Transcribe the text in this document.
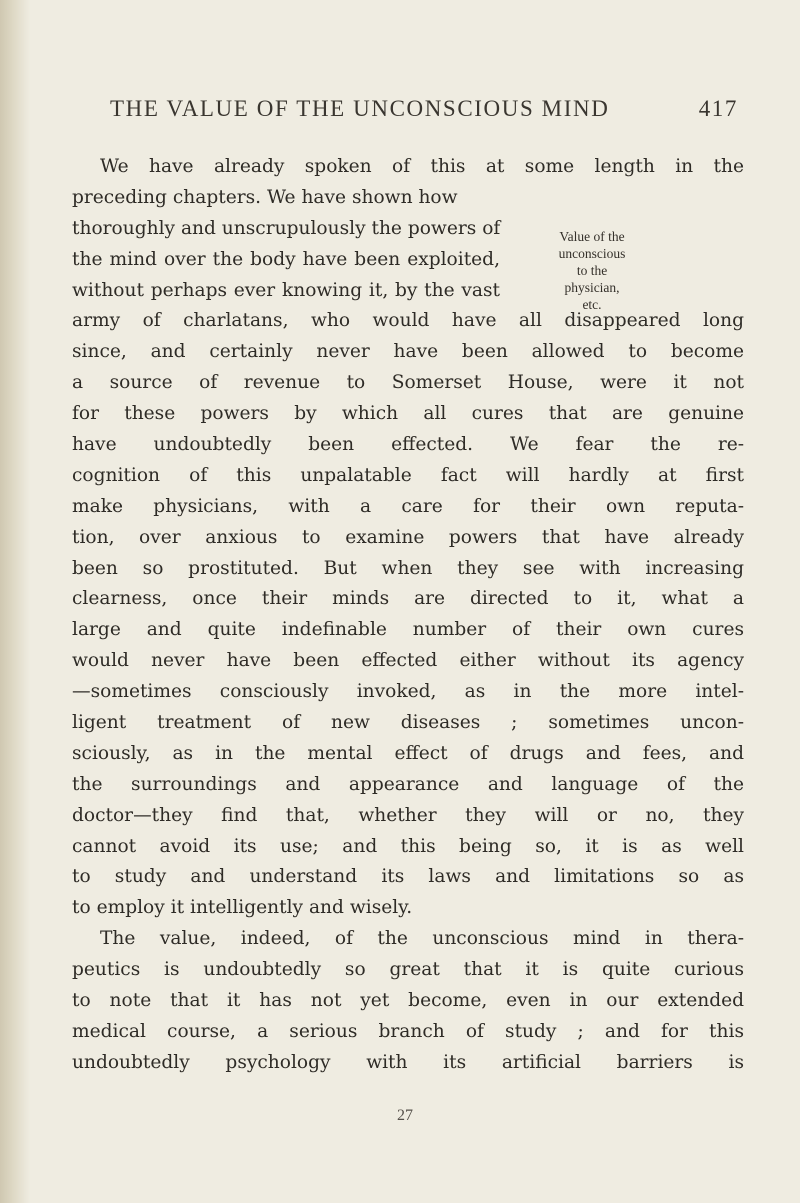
THE VALUE OF THE UNCONSCIOUS MIND	417
Value of the
unconscious
to the
physician,
etc.
We have already spoken of this at some length in the
preceding chapters. We have shown how
thoroughly and unscrupulously the powers of
the mind over the body have been exploited,
without perhaps ever knowing it, by the vast
army of charlatans, who would have all disappeared long
since, and certainly never have been allowed to become
a source of revenue to Somerset House, were it not
for these powers by which all cures that are genuine
have undoubtedly been effected. We fear the re-
cognition of this unpalatable fact will hardly at first
make physicians, with a care for their own reputa-
tion, over anxious to examine powers that have already
been so prostituted. But when they see with increasing
clearness, once their minds are directed to it, what a
large and quite indefinable number of their own cures
would never have been effected either without its agency
—sometimes consciously invoked, as in the more intel-
ligent treatment of new diseases ; sometimes uncon-
sciously, as in the mental effect of drugs and fees, and
the surroundings and appearance and language of the
doctor—they find that, whether they will or no, they
cannot avoid its use; and this being so, it is as well
to study and understand its laws and limitations so as
to employ it intelligently and wisely.
The value, indeed, of the unconscious mind in thera-
peutics is undoubtedly so great that it is quite curious
to note that it has not yet become, even in our extended
medical course, a serious branch of study ; and for this
undoubtedly psychology with its artificial barriers is
27
